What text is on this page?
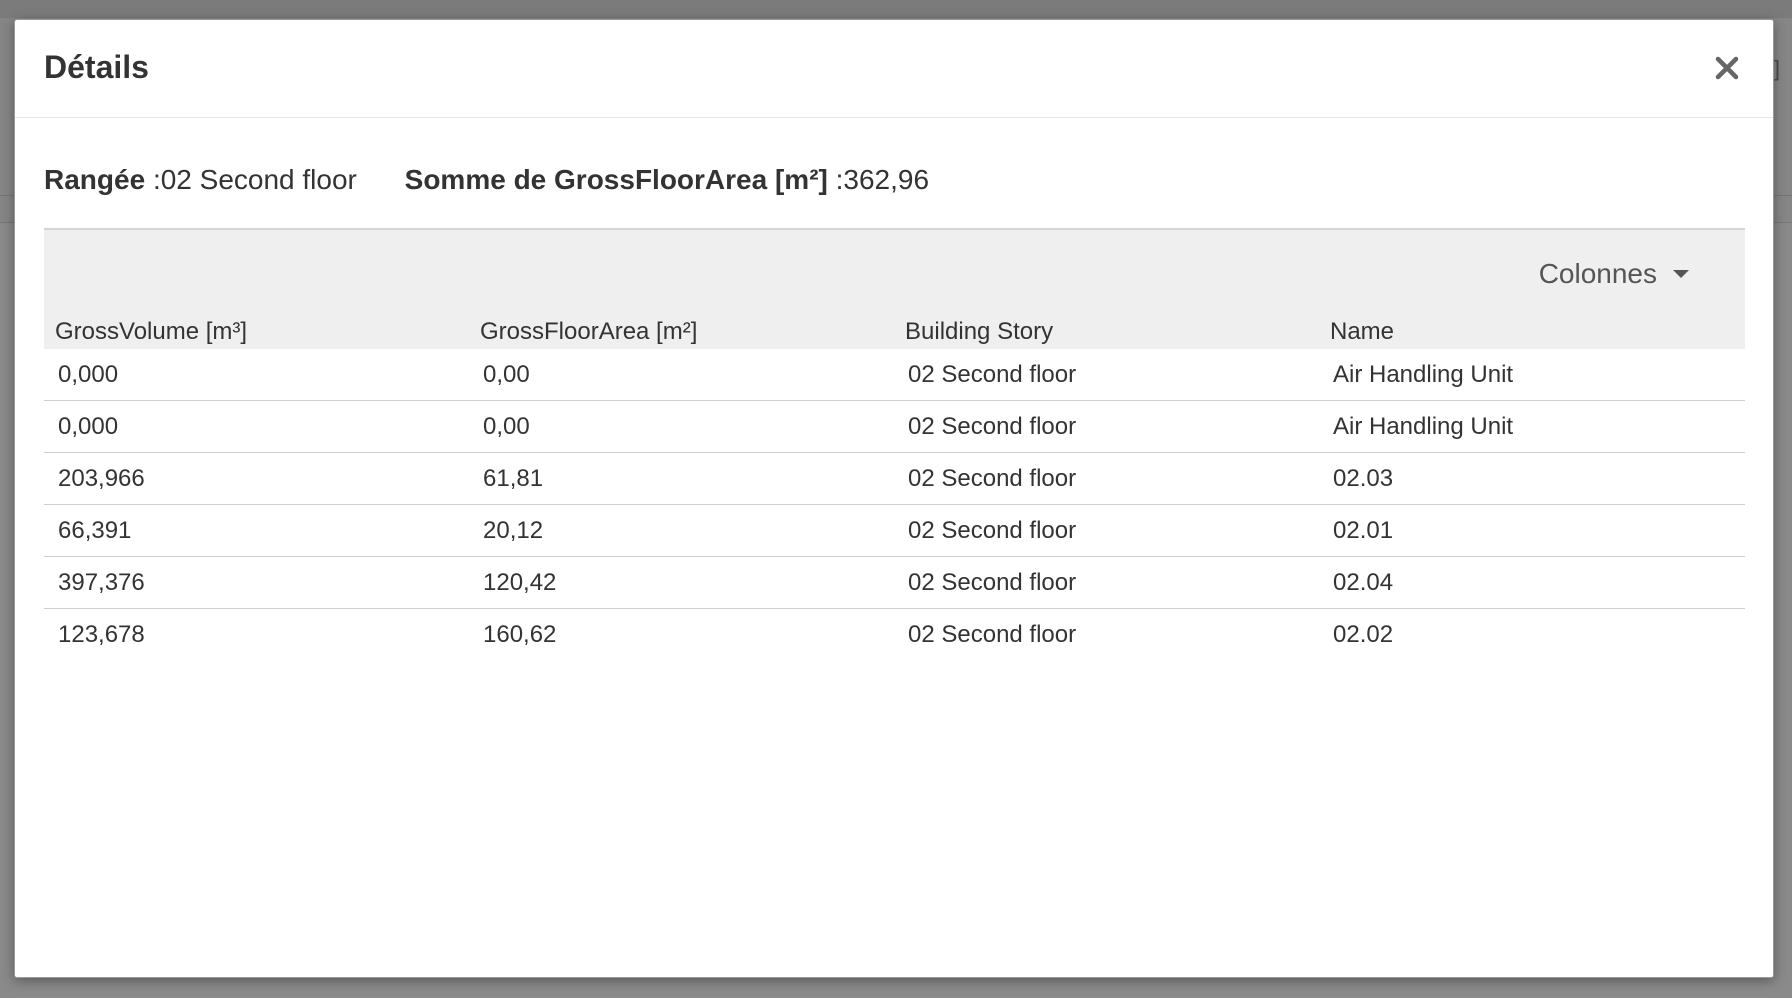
]
Détails
Rangée :02 Second floor Somme de GrossFloorArea [m²] :362,96
Colonnes
GrossVolume [m³]	GrossFloorArea [m²]	Building Story	Name
0,000	0,00	02 Second floor	Air Handling Unit
0,000	0,00	02 Second floor	Air Handling Unit
203,966	61,81	02 Second floor	02.03
66,391	20,12	02 Second floor	02.01
397,376	120,42	02 Second floor	02.04
123,678	160,62	02 Second floor	02.02
